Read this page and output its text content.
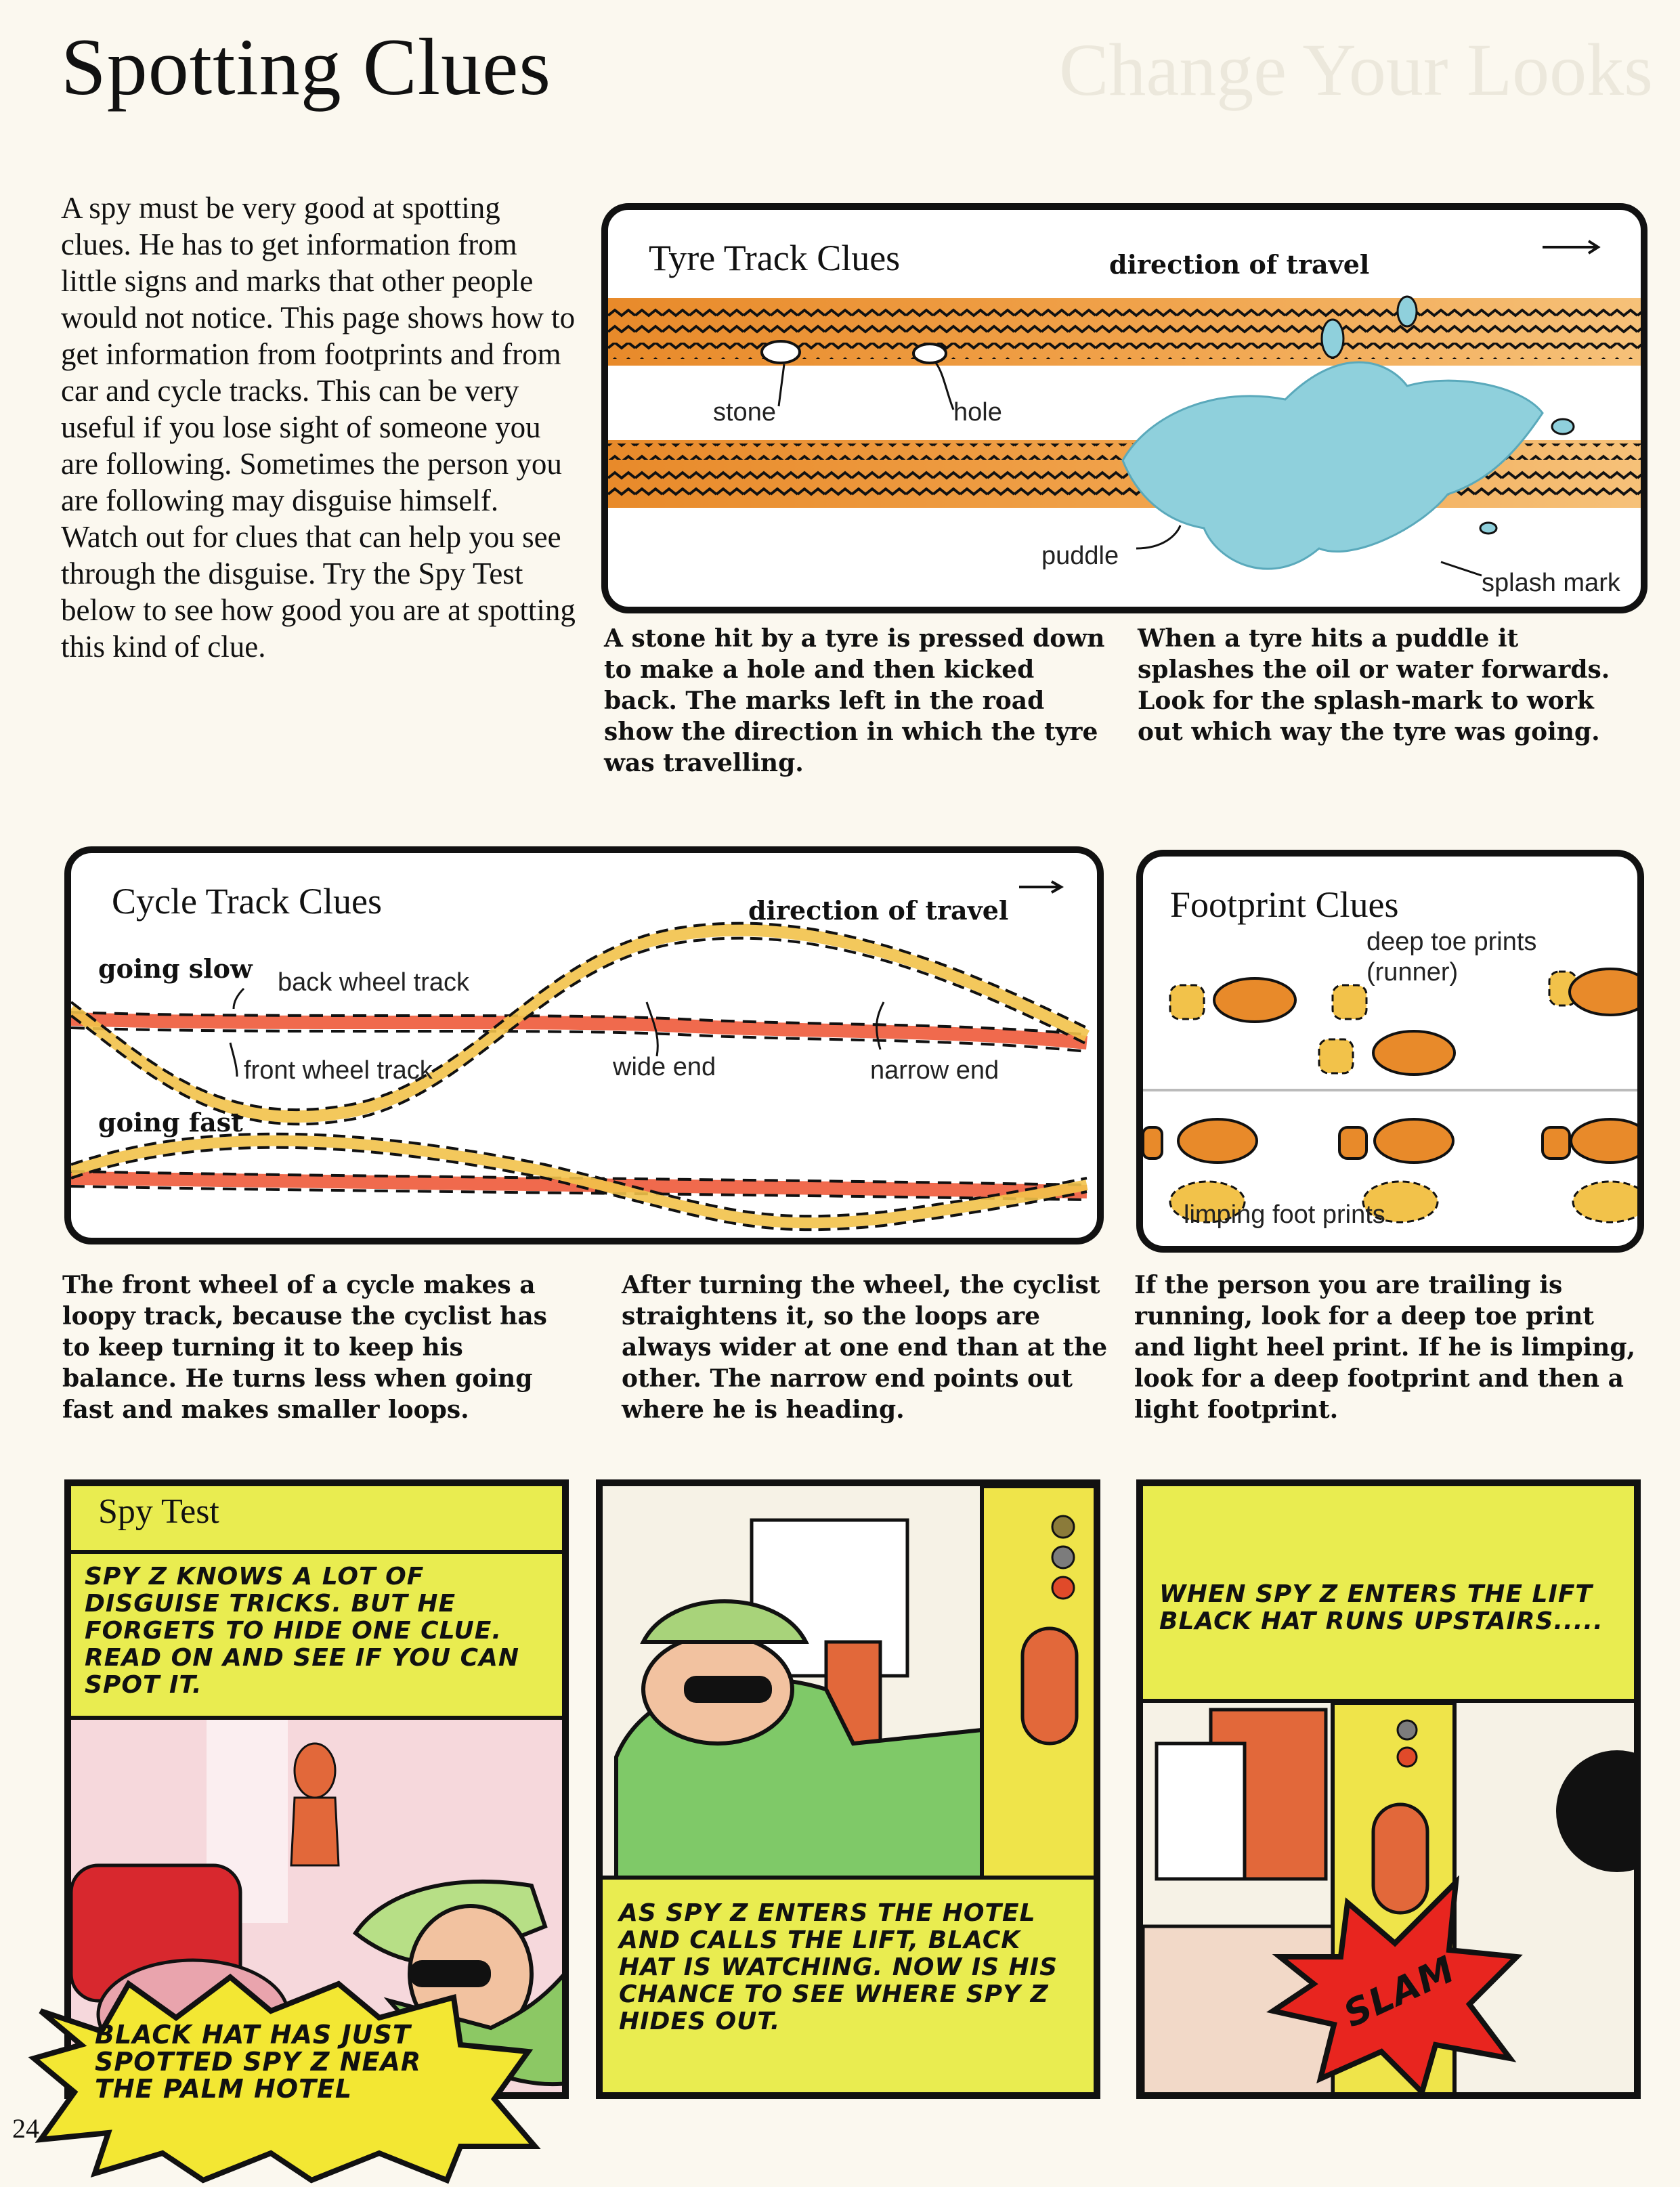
Spotting Clues	Change Your Looks
A spy must be very good at spotting clues. He has to get information from little signs and marks that other people would not notice. This page shows how to get information from footprints and from car and cycle tracks. This can be very useful if you lose sight of someone you are following. Sometimes the person you are following may disguise himself. Watch out for clues that can help you see through the disguise. Try the Spy Test below to see how good you are at spotting this kind of clue.
Tyre Track Clues	direction of travel
stone	hole
puddle
splash mark
A stone hit by a tyre is pressed down to make a hole and then kicked back. The marks left in the road show the direction in which the tyre was travelling.
When a tyre hits a puddle it splashes the oil or water forwards. Look for the splash-mark to work out which way the tyre was going.
Cycle Track Clues	direction of travel
going slow back wheel track
front wheel track
going fast
wide end	narrow end
The front wheel of a cycle makes a loopy track, because the cyclist has to keep turning it to keep his balance. He turns less when going fast and makes smaller loops.
After turning the wheel, the cyclist straightens it, so the loops are always wider at one end than at the other. The narrow end points out where he is heading.
Footprint Clues
deep toe prints
(runner)
limping foot prints
If the person you are trailing is running, look for a deep toe print and light heel print. If he is limping, look for a deep footprint and then a light footprint.
Spy Test
SPY Z KNOWS A LOT OF DISGUISE TRICKS. BUT HE FORGETS TO HIDE ONE CLUE. READ ON AND SEE IF YOU CAN SPOT IT.
BLACK HAT HAS JUST SPOTTED SPY Z NEAR THE PALM HOTEL
AS SPY Z ENTERS THE HOTEL AND CALLS THE LIFT, BLACK HAT IS WATCHING. NOW IS HIS CHANCE TO SEE WHERE SPY Z HIDES OUT.
WHEN SPY Z ENTERS THE LIFT BLACK HAT RUNS UPSTAIRS.....
SLAM
24
